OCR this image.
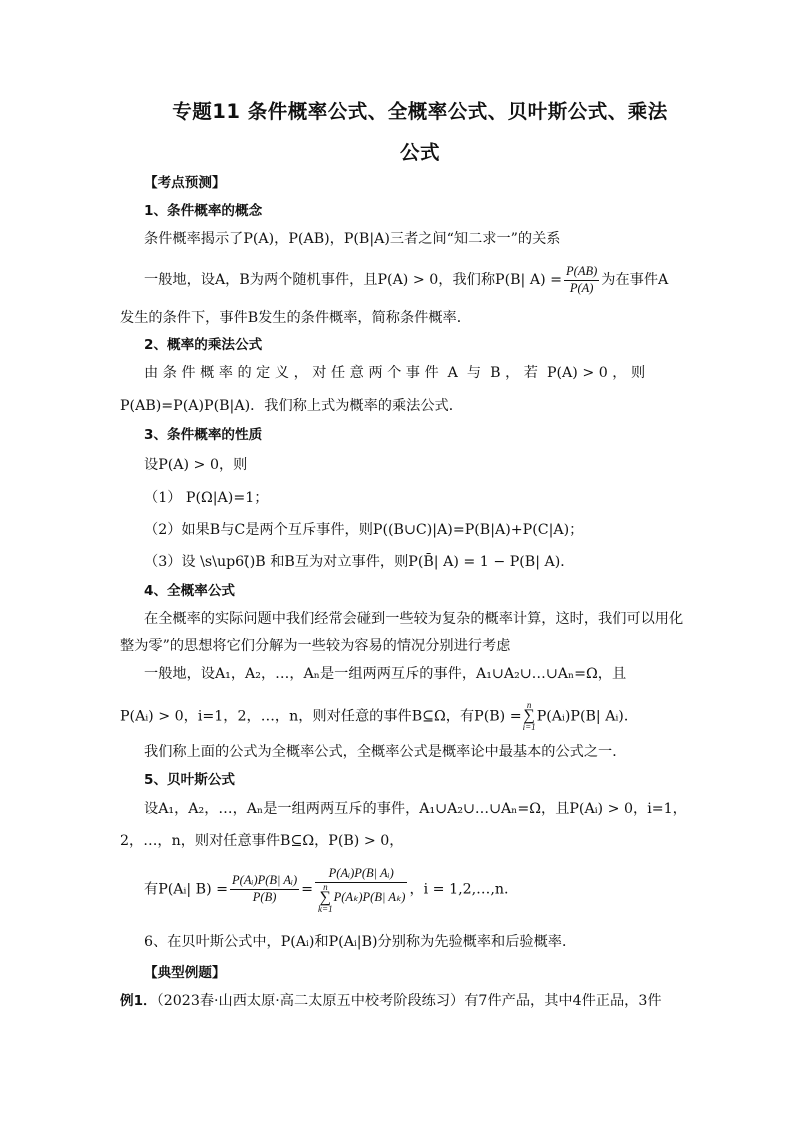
专题11 条件概率公式、全概率公式、贝叶斯公式、乘法
公式
【考点预测】
1、条件概率的概念
条件概率揭示了P(A)，P(AB)，P(B|A)三者之间“知二求一”的关系
一般地，设A，B为两个随机事件，且P(A) > 0，我们称P(B| $A) = \frac{P(AB)}{P(A)}$ 为在事件A
发生的条件下，事件B发生的条件概率，简称条件概率．
2、概率的乘法公式
由 条 件 概 率 的 定 义 ， 对 任 意 两 个 事 件  A  与  B ， 若  P(A) > 0 ， 则
P(AB)=P(A)P(B|A)．我们称上式为概率的乘法公式．
3、条件概率的性质
设P(A) > 0，则
（1） P(Ω|A)=1；
（2）如果B与C是两个互斥事件，则P((B∪C)|A)=P(B|A)+P(C|A)；
（3）设 \s\up6(̄)B 和B互为对立事件，则P(B̄| A) = 1 − P(B| A)．
4、全概率公式
在全概率的实际问题中我们经常会碰到一些较为复杂的概率计算，这时，我们可以用化
整为零”的思想将它们分解为一些较为容易的情况分别进行考虑
一般地，设A₁，A₂，…，Aₙ是一组两两互斥的事件，A₁∪A₂∪…∪Aₙ=Ω，且
P(Aᵢ) > 0，i=1，2，…，n，则对任意的事件B⊆Ω，有P(B) =n
∑
i=1P(Aᵢ)P(B| Aᵢ)．
我们称上面的公式为全概率公式，全概率公式是概率论中最基本的公式之一．
5、贝叶斯公式
设A₁，A₂，…，Aₙ是一组两两互斥的事件，A₁∪A₂∪…∪Aₙ=Ω，且P(Aᵢ) > 0，i=1，
2，…，n，则对任意事件B⊆Ω，P(B) > 0，
有P(Aᵢ| $B) = \frac{\text{P(Aᵢ)P(B| Aᵢ)}}{P(B)}$ = P(Aᵢ)P(B| Aᵢ)
n
∑
k=1P(Aₖ)P(B| Aₖ) ，i = 1,2,…,n.
6、在贝叶斯公式中，P(Aᵢ)和P(Aᵢ|B)分别称为先验概率和后验概率．
【典型例题】
例1．（2023春·山西太原·高二太原五中校考阶段练习）有7件产品，其中4件正品，3件
